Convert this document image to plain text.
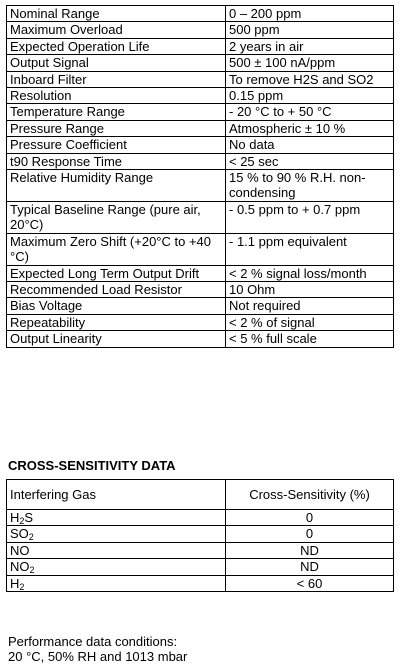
Nominal Range	0 – 200 ppm
Maximum Overload	500 ppm
Expected Operation Life	2 years in air
Output Signal	500 ± 100 nA/ppm
Inboard Filter	To remove H2S and SO2
Resolution	0.15 ppm
Temperature Range	- 20 °C to + 50 °C
Pressure Range	Atmospheric ± 10 %
Pressure Coefficient	No data
t90 Response Time	< 25 sec
Relative Humidity Range	15 % to 90 % R.H. non-condensing
Typical Baseline Range (pure air, 20°C)	- 0.5 ppm to + 0.7 ppm
Maximum Zero Shift (+20°C to +40 °C)	- 1.1 ppm equivalent
Expected Long Term Output Drift	< 2 % signal loss/month
Recommended Load Resistor	10 Ohm
Bias Voltage	Not required
Repeatability	< 2 % of signal
Output Linearity	< 5 % full scale
CROSS-SENSITIVITY DATA
Interfering Gas	Cross-Sensitivity (%)
$H_2S$	0
$SO_2$	0
NO	ND
$NO_2$	ND
$H_2$	< 60
Performance data conditions:
20 °C, 50% RH and 1013 mbar
